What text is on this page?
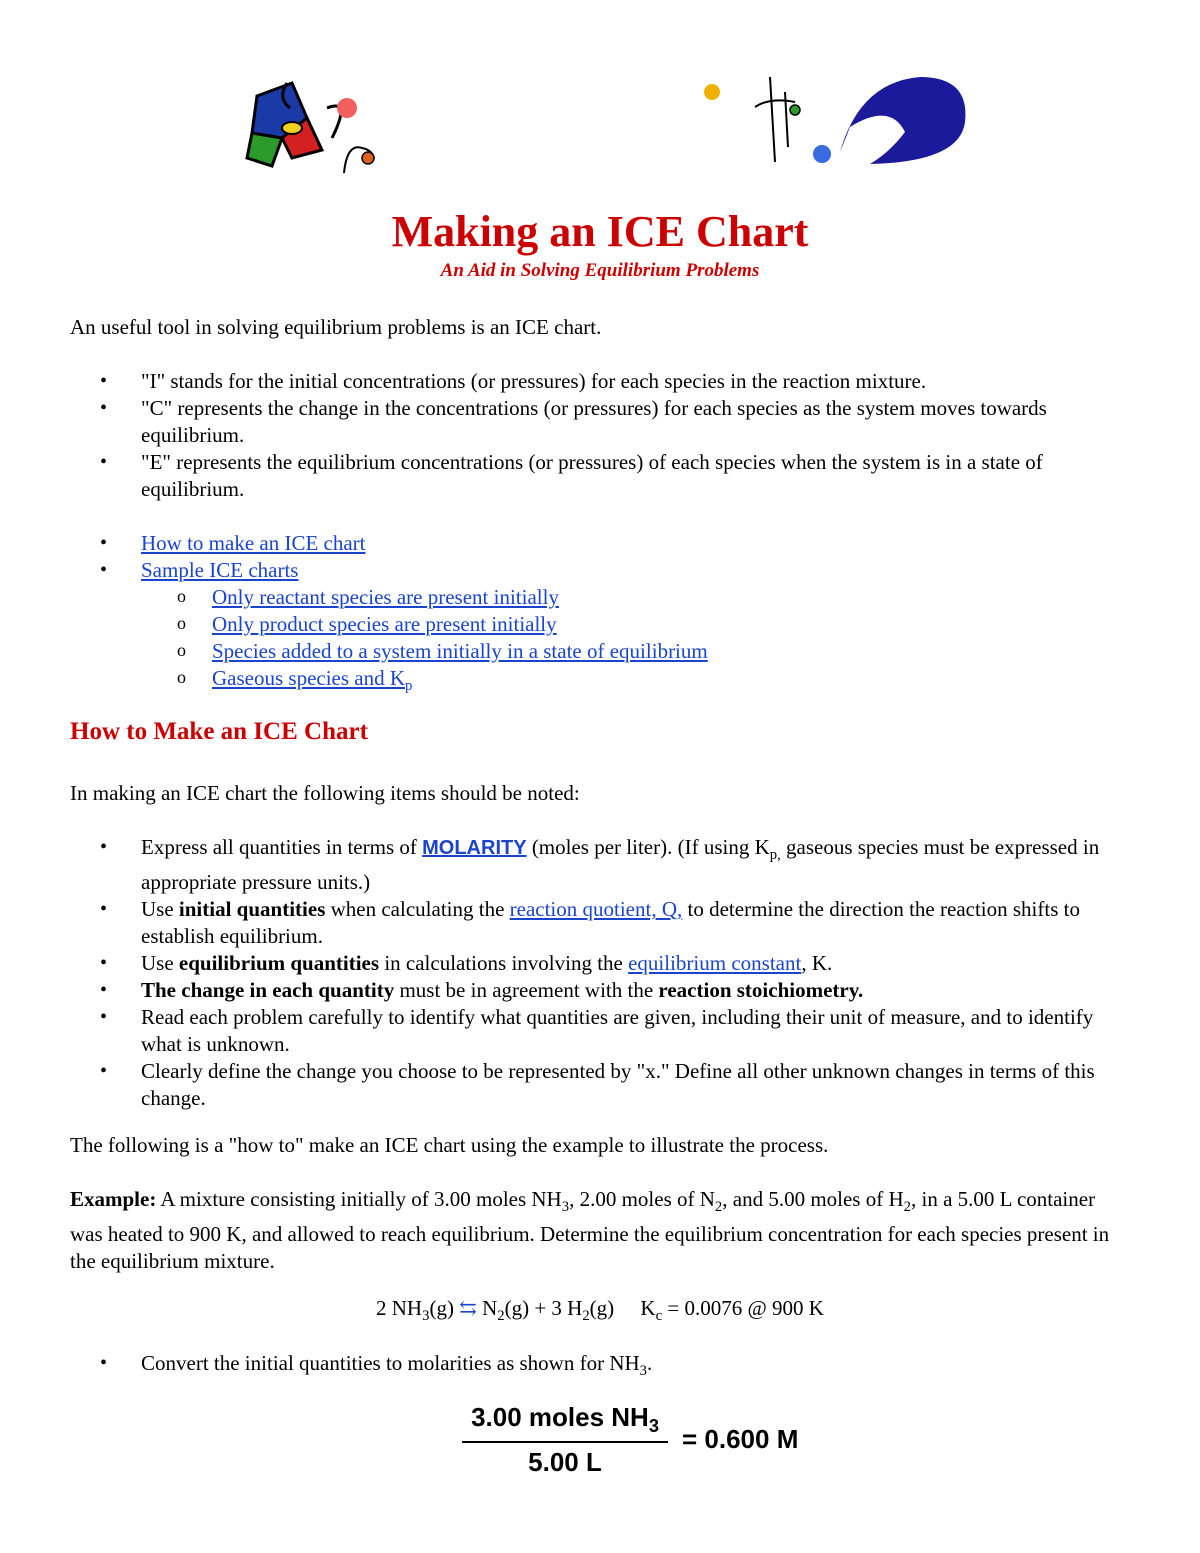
Making an ICE Chart

An Aid in Solving Equilibrium Problems

An useful tool in solving equilibrium problems is an ICE chart.

• "I" stands for the initial concentrations (or pressures) for each species in the reaction mixture.
• "C" represents the change in the concentrations (or pressures) for each species as the system moves towards equilibrium.
• "E" represents the equilibrium concentrations (or pressures) of each species when the system is in a state of equilibrium.
• How to make an ICE chart
• Sample ICE charts
o Only reactant species are present initially
o Only product species are present initially
o Species added to a system initially in a state of equilibrium
o Gaseous species and $K_p$
How to Make an ICE Chart

In making an ICE chart the following items should be noted:

• Express all quantities in terms of MOLARITY (moles per liter). (If using $K_{p,}$ gaseous species must be expressed in appropriate pressure units.)
• Use initial quantities when calculating the reaction quotient, Q, to determine the direction the reaction shifts to establish equilibrium.
• Use equilibrium quantities in calculations involving the equilibrium constant, K.
• The change in each quantity must be in agreement with the reaction stoichiometry.
• Read each problem carefully to identify what quantities are given, including their unit of measure, and to identify what is unknown.
• Clearly define the change you choose to be represented by "x." Define all other unknown changes in terms of this change.

The following is a "how to" make an ICE chart using the example to illustrate the process.

Example: A mixture consisting initially of 3.00 moles $NH_3$, 2.00 moles of $N_2$, and 5.00 moles of $H_2$, in a 5.00 L container was heated to 900 K, and allowed to reach equilibrium. Determine the equilibrium concentration for each species present in the equilibrium mixture.

2 $NH_3(g)$ ⇆ $N_2(g) + 3$ $H_2(g)$     $K_c = 0.0076$ @ 900 K
• Convert the initial quantities to molarities as shown for $NH_3$.
3.00 moles $NH_3$
5.00 L
= 0.600 M
